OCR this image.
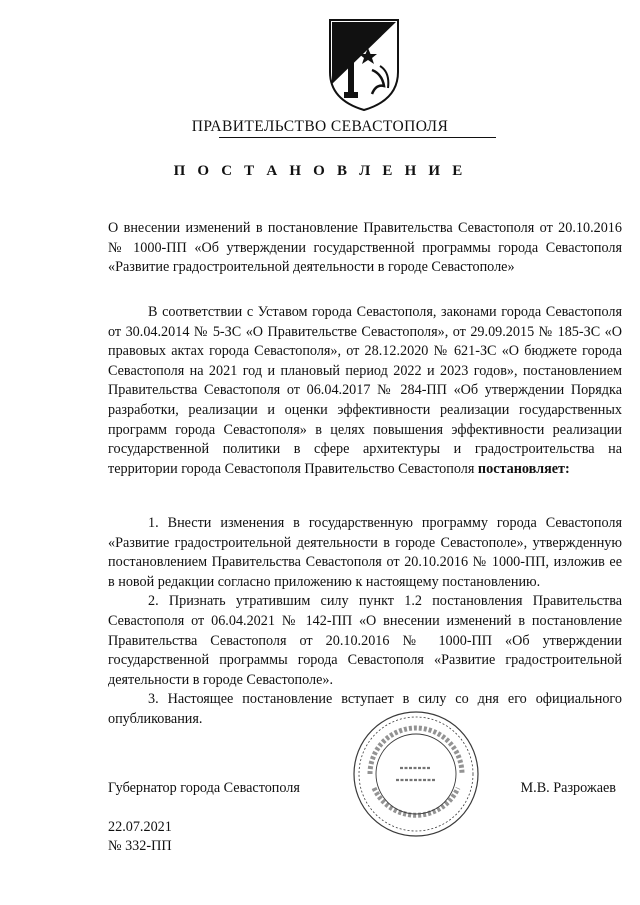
ПРАВИТЕЛЬСТВО СЕВАСТОПОЛЯ
П О С Т А Н О В Л Е Н И Е
О внесении изменений в постановление Правительства Севастополя от 20.10.2016 № 1000-ПП «Об утверждении государственной программы города Севастополя «Развитие градостроительной деятельности в городе Севастополе»
В соответствии с Уставом города Севастополя, законами города Севастополя от 30.04.2014 № 5-ЗС «О Правительстве Севастополя», от 29.09.2015 № 185-ЗС «О правовых актах города Севастополя», от 28.12.2020 № 621-ЗС «О бюджете города Севастополя на 2021 год и плановый период 2022 и 2023 годов», постановлением Правительства Севастополя от 06.04.2017 № 284-ПП «Об утверждении Порядка разработки, реализации и оценки эффективности реализации государственных программ города Севастополя» в целях повышения эффективности реализации государственной политики в сфере архитектуры и градостроительства на территории города Севастополя Правительство Севастополя постановляет:

1. Внести изменения в государственную программу города Севастополя «Развитие градостроительной деятельности в городе Севастополе», утвержденную постановлением Правительства Севастополя от 20.10.2016 № 1000-ПП, изложив ее в новой редакции согласно приложению к настоящему постановлению.

2. Признать утратившим силу пункт 1.2 постановления Правительства Севастополя от 06.04.2021 № 142-ПП «О внесении изменений в постановление Правительства Севастополя от 20.10.2016 № 1000-ПП «Об утверждении государственной программы города Севастополя «Развитие градостроительной деятельности в городе Севастополе».

3. Настоящее постановление вступает в силу со дня его официального опубликования.

Губернатор города Севастополя	М.В. Разрожаев
22.07.2021
№ 332-ПП
